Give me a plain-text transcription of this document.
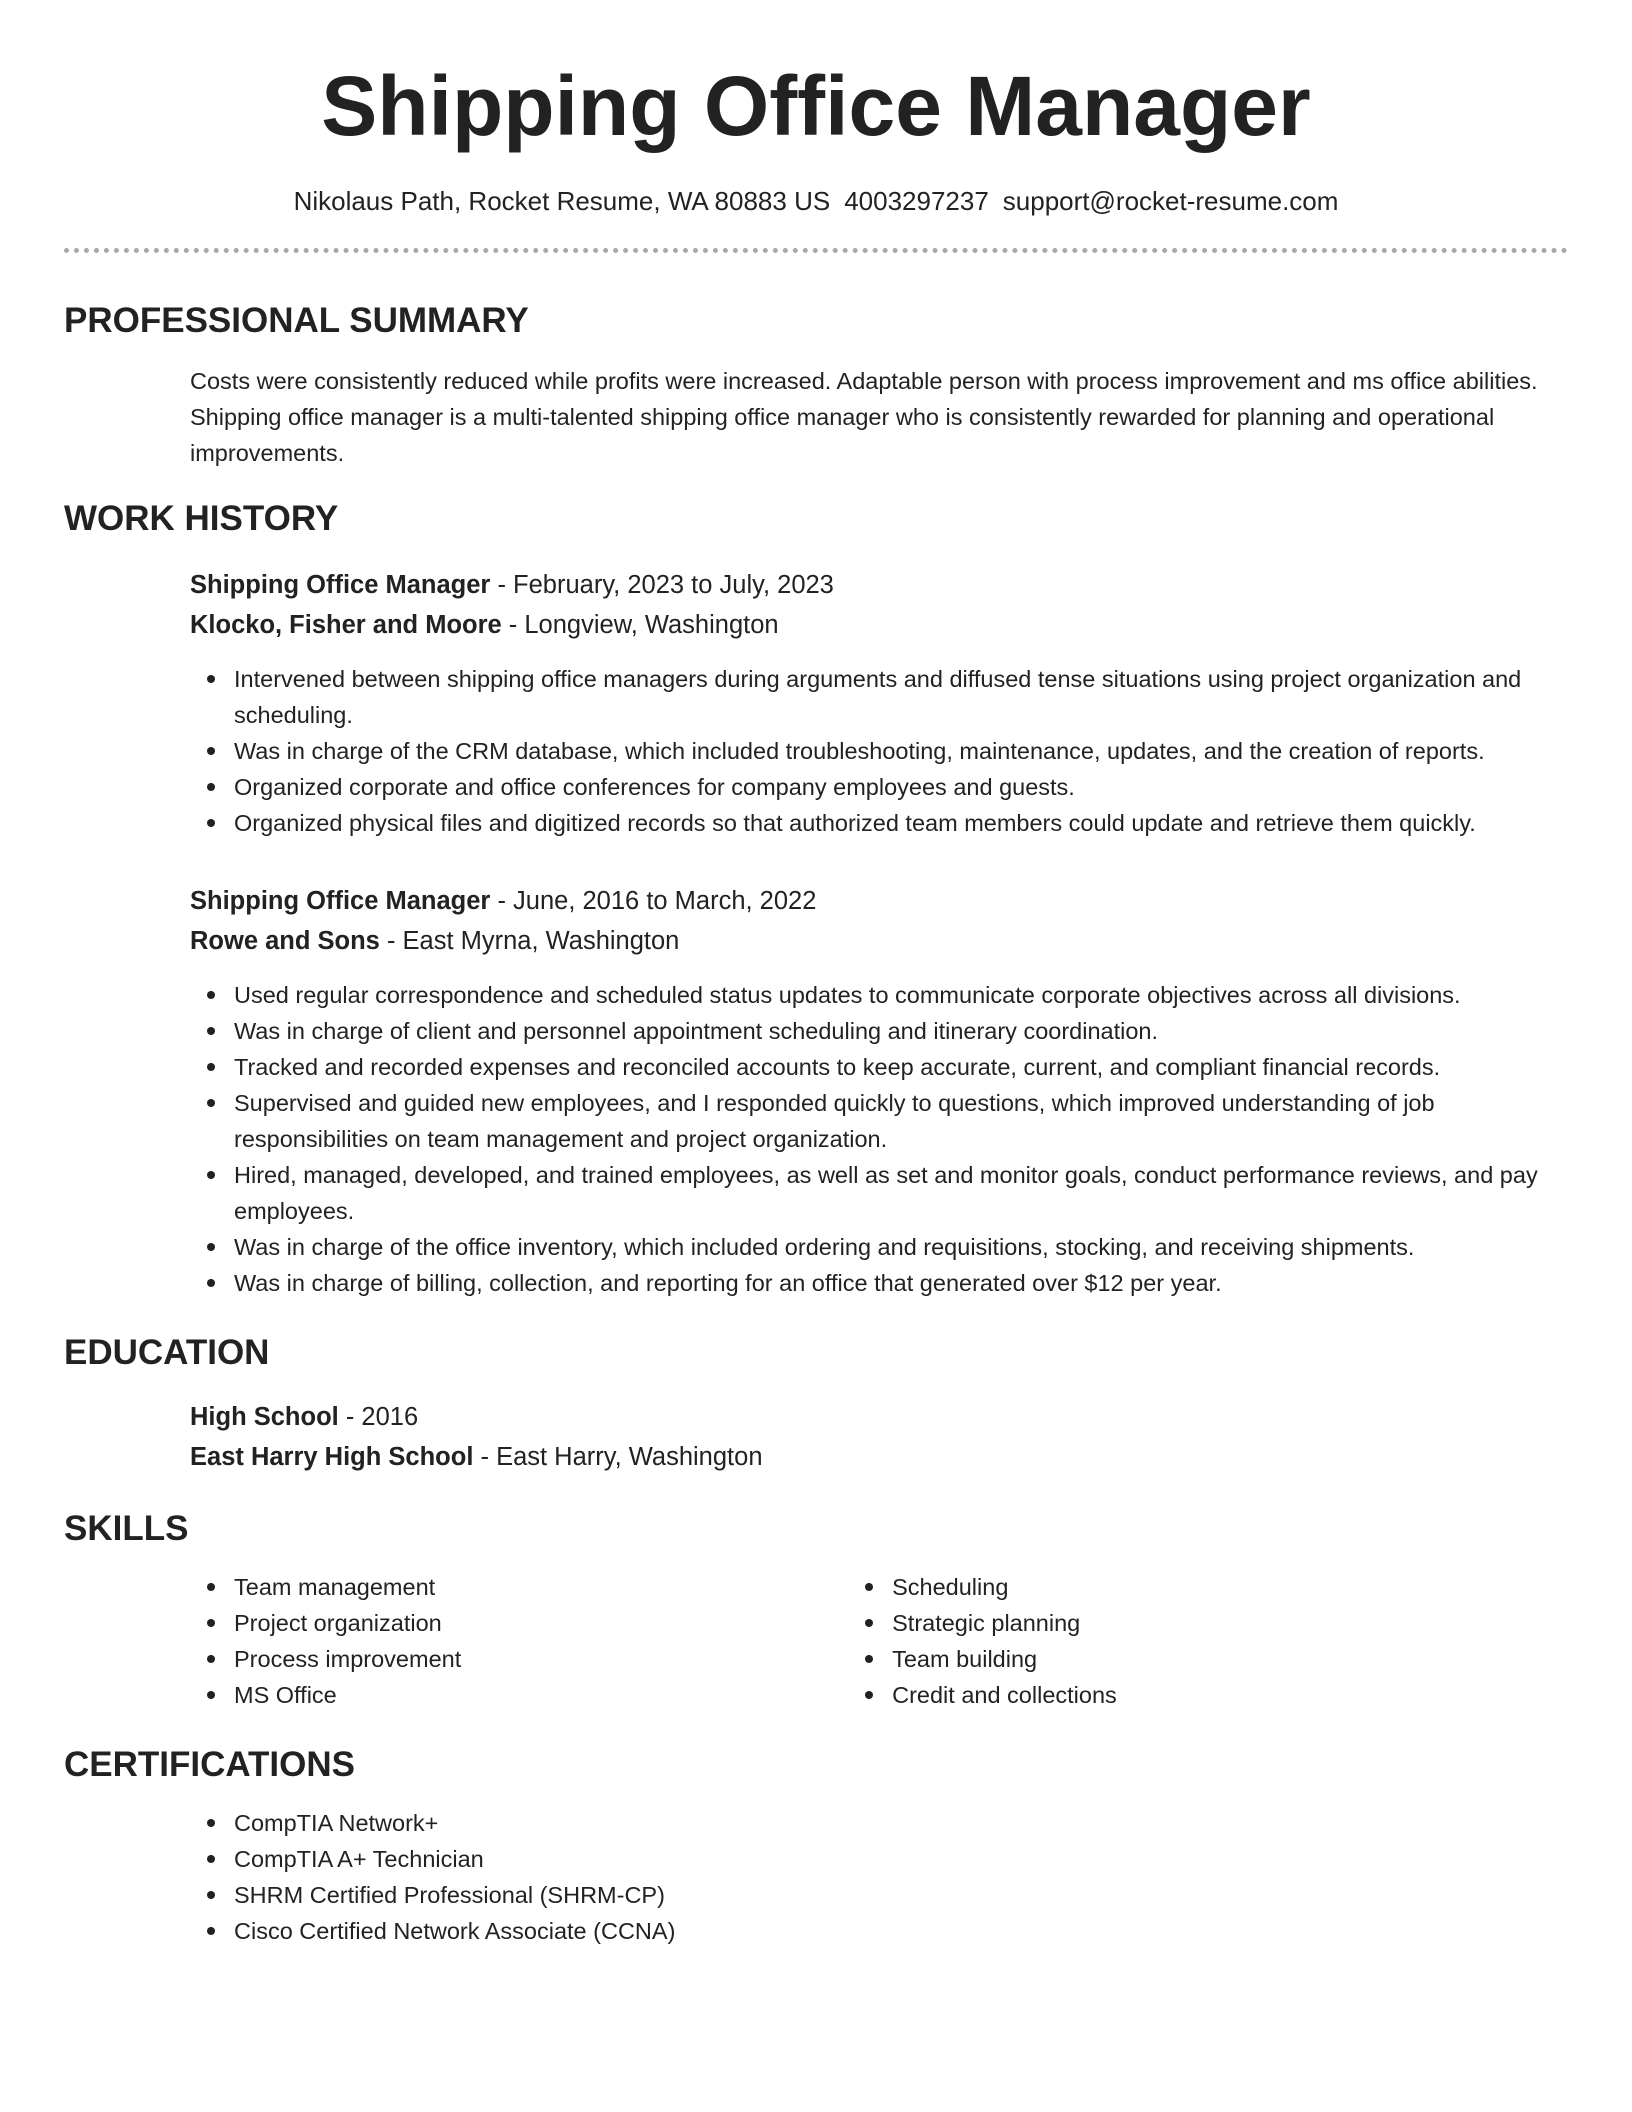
Shipping Office Manager
Nikolaus Path, Rocket Resume, WA 80883 US 4003297237 support@rocket-resume.com
PROFESSIONAL SUMMARY

Costs were consistently reduced while profits were increased. Adaptable person with process improvement and ms office abilities. Shipping office manager is a multi-talented shipping office manager who is consistently rewarded for planning and operational improvements.

WORK HISTORY
Shipping Office Manager - February, 2023 to July, 2023
Klocko, Fisher and Moore - Longview, Washington
Intervened between shipping office managers during arguments and diffused tense situations using project organization and scheduling.
Was in charge of the CRM database, which included troubleshooting, maintenance, updates, and the creation of reports.
Organized corporate and office conferences for company employees and guests.
Organized physical files and digitized records so that authorized team members could update and retrieve them quickly.
Shipping Office Manager - June, 2016 to March, 2022
Rowe and Sons - East Myrna, Washington
Used regular correspondence and scheduled status updates to communicate corporate objectives across all divisions.
Was in charge of client and personnel appointment scheduling and itinerary coordination.
Tracked and recorded expenses and reconciled accounts to keep accurate, current, and compliant financial records.
Supervised and guided new employees, and I responded quickly to questions, which improved understanding of job responsibilities on team management and project organization.
Hired, managed, developed, and trained employees, as well as set and monitor goals, conduct performance reviews, and pay employees.
Was in charge of the office inventory, which included ordering and requisitions, stocking, and receiving shipments.
Was in charge of billing, collection, and reporting for an office that generated over $12 per year.
EDUCATION
High School - 2016
East Harry High School - East Harry, Washington
SKILLS
Team management
Project organization
Process improvement
MS Office
Scheduling
Strategic planning
Team building
Credit and collections
CERTIFICATIONS
CompTIA Network+
CompTIA A+ Technician
SHRM Certified Professional (SHRM-CP)
Cisco Certified Network Associate (CCNA)
